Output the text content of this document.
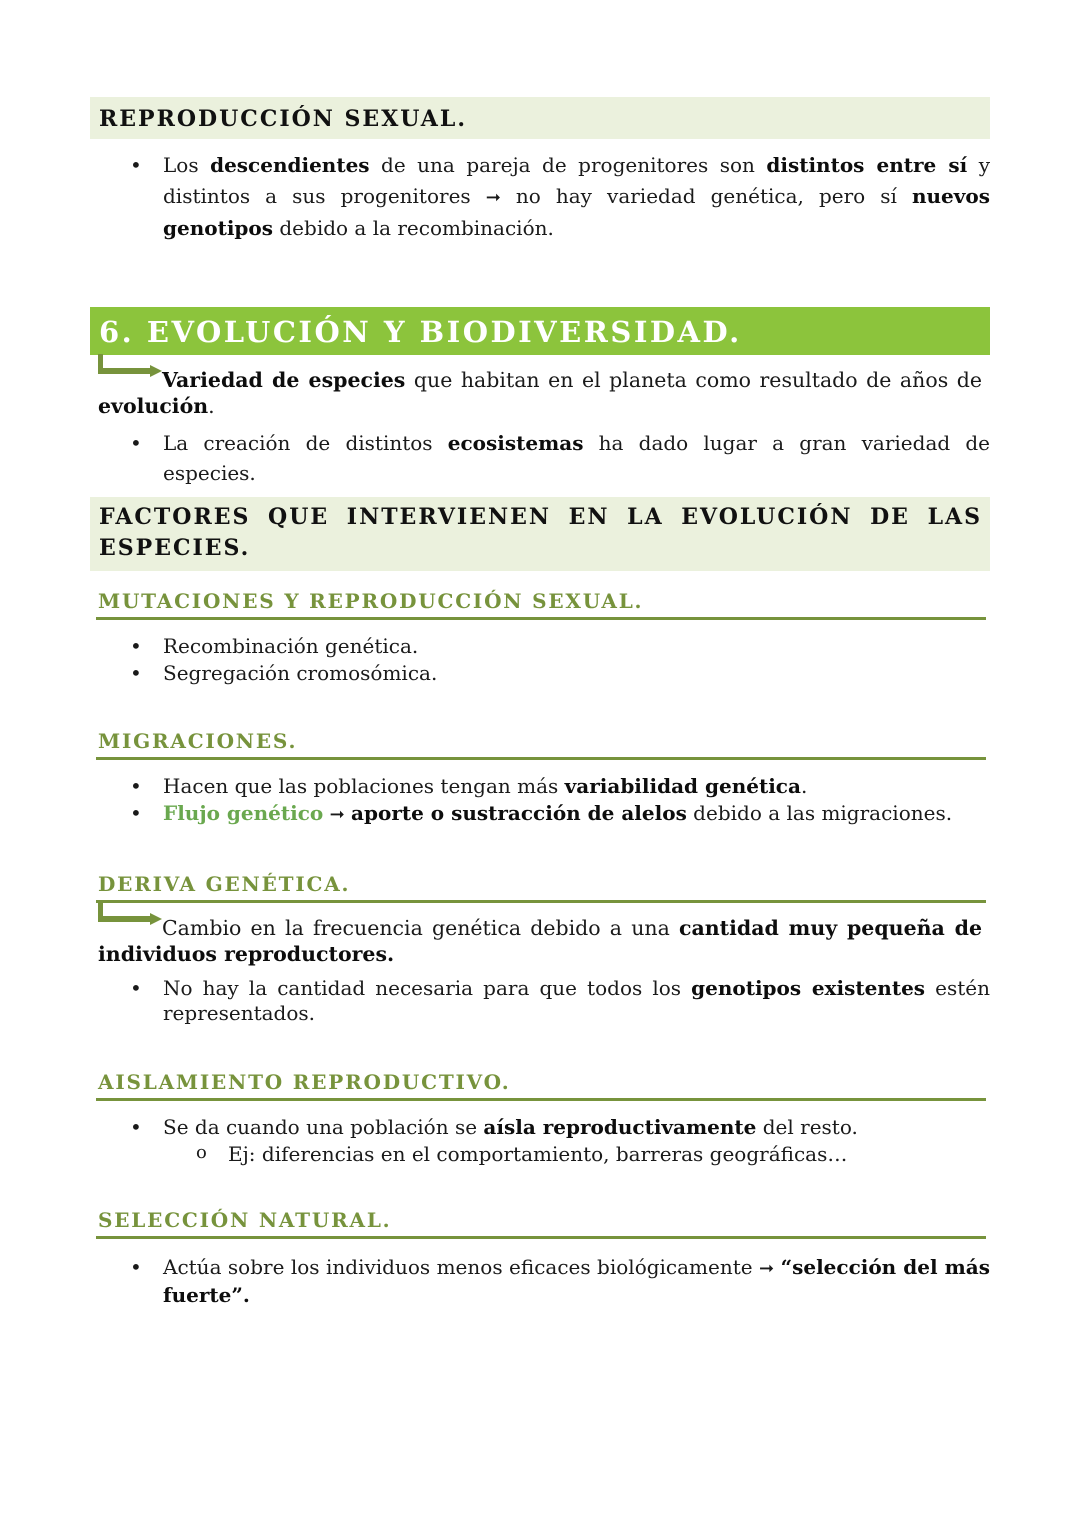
REPRODUCCIÓN SEXUAL.
• Los descendientes de una pareja de progenitores son distintos entre sí y distintos a sus progenitores ➞ no hay variedad genética, pero sí nuevos genotipos debido a la recombinación.
6. EVOLUCIÓN Y BIODIVERSIDAD.
Variedad de especies que habitan en el planeta como resultado de años de evolución.
• La creación de distintos ecosistemas ha dado lugar a gran variedad de especies.
FACTORES QUE INTERVIENEN EN LA EVOLUCIÓN DE LAS ESPECIES.
MUTACIONES Y REPRODUCCIÓN SEXUAL.
• Recombinación genética.
• Segregación cromosómica.
MIGRACIONES.
• Hacen que las poblaciones tengan más variabilidad genética.
• Flujo genético ➞ aporte o sustracción de alelos debido a las migraciones.
DERIVA GENÉTICA.
Cambio en la frecuencia genética debido a una cantidad muy pequeña de individuos reproductores.
• No hay la cantidad necesaria para que todos los genotipos existentes estén representados.
AISLAMIENTO REPRODUCTIVO.
• Se da cuando una población se aísla reproductivamente del resto.
o Ej: diferencias en el comportamiento, barreras geográficas…
SELECCIÓN NATURAL.
• Actúa sobre los individuos menos eficaces biológicamente ➞ “selección del más fuerte”.
